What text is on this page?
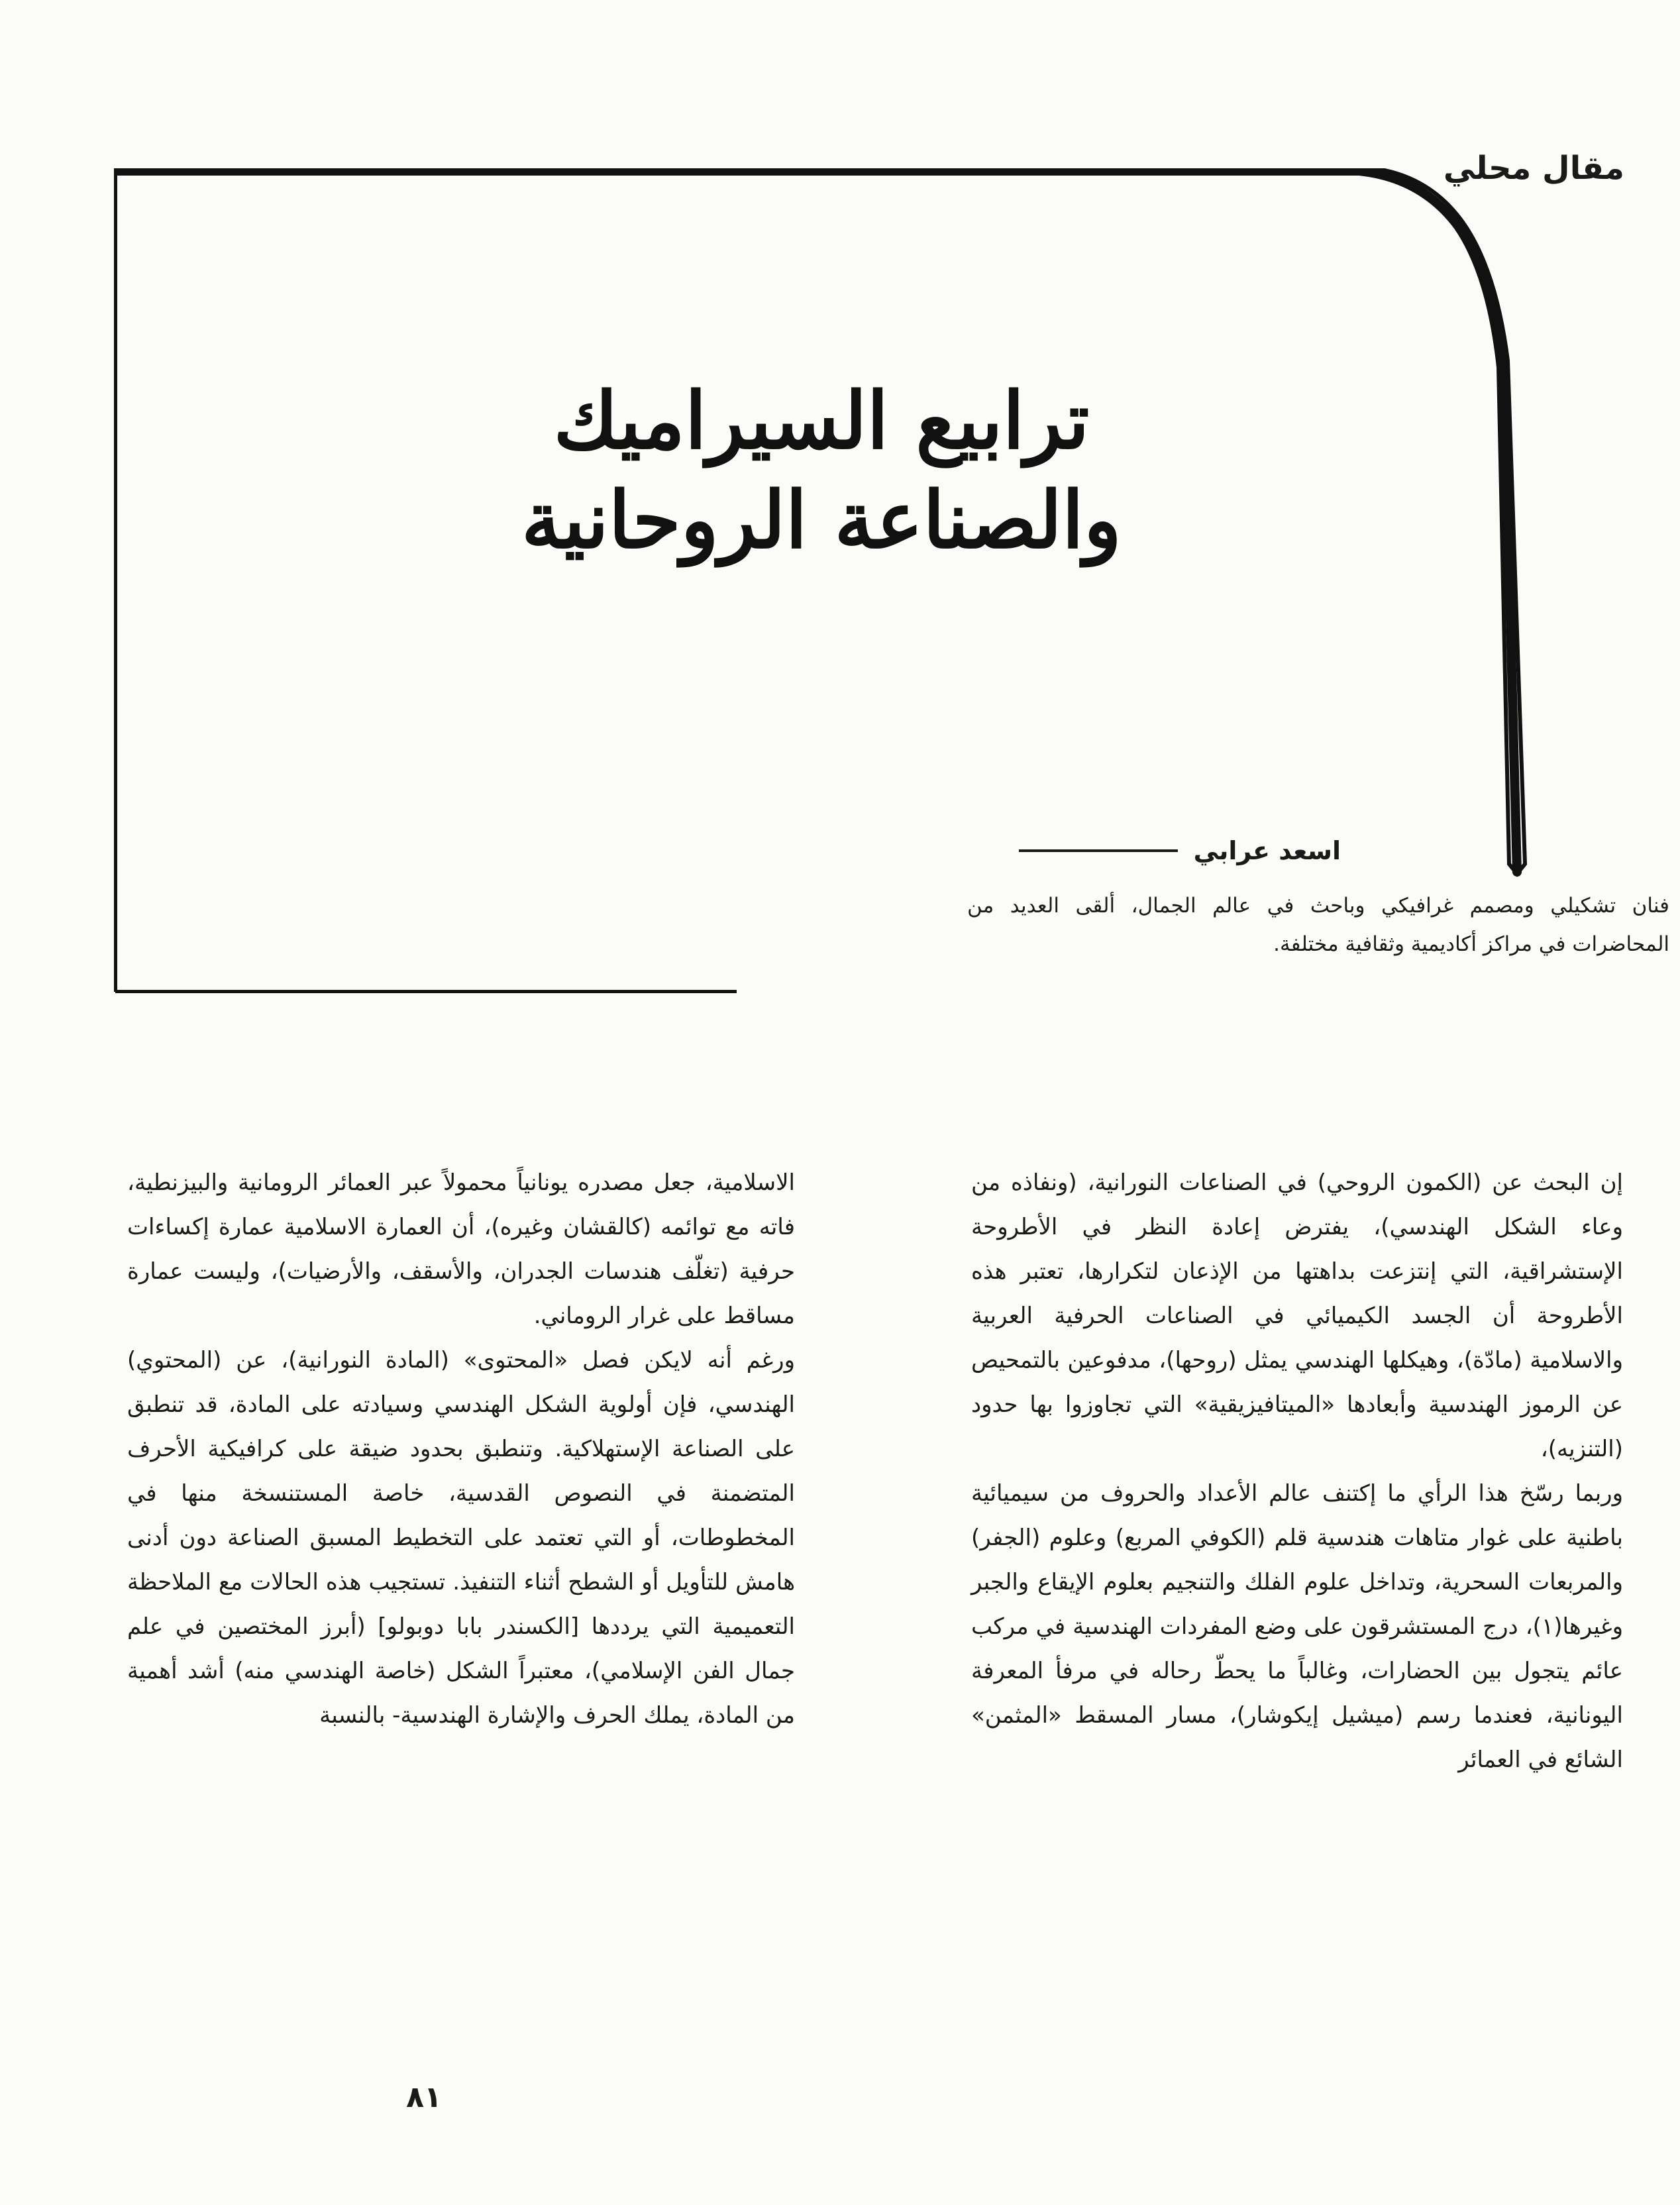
مقال محلي
ترابيع السيراميك
والصناعة الروحانية
اسعد عرابي
فنان تشكيلي ومصمم غرافيكي وباحث في عالم الجمال، ألقى العديد من المحاضرات في مراكز أكاديمية وثقافية مختلفة.

إن البحث عن (الكمون الروحي) في الصناعات النورانية، (ونفاذه من وعاء الشكل الهندسي)، يفترض إعادة النظر في الأطروحة الإستشراقية، التي إنتزعت بداهتها من الإذعان لتكرارها، تعتبر هذه الأطروحة أن الجسد الكيميائي في الصناعات الحرفية العربية والاسلامية (مادّة)، وهيكلها الهندسي يمثل (روحها)، مدفوعين بالتمحيص عن الرموز الهندسية وأبعادها «الميتافيزيقية» التي تجاوزوا بها حدود (التنزيه)،

وربما رسّخ هذا الرأي ما إكتنف عالم الأعداد والحروف من سيميائية باطنية على غوار متاهات هندسية قلم (الكوفي المربع) وعلوم (الجفر) والمربعات السحرية، وتداخل علوم الفلك والتنجيم بعلوم الإيقاع والجبر وغيرها(١)، درج المستشرقون على وضع المفردات الهندسية في مركب عائم يتجول بين الحضارات، وغالباً ما يحطّ رحاله في مرفأ المعرفة اليونانية، فعندما رسم (ميشيل إيكوشار)، مسار المسقط «المثمن» الشائع في العمائر

الاسلامية، جعل مصدره يونانياً محمولاً عبر العمائر الرومانية والبيزنطية، فاته مع توائمه (كالقشان وغيره)، أن العمارة الاسلامية عمارة إكساءات حرفية (تغلّف هندسات الجدران، والأسقف، والأرضيات)، وليست عمارة مساقط على غرار الروماني.

ورغم أنه لايكن فصل «المحتوى» (المادة النورانية)، عن (المحتوي) الهندسي، فإن أولوية الشكل الهندسي وسيادته على المادة، قد تنطبق على الصناعة الإستهلاكية. وتنطبق بحدود ضيقة على كرافيكية الأحرف المتضمنة في النصوص القدسية، خاصة المستنسخة منها في المخطوطات، أو التي تعتمد على التخطيط المسبق الصناعة دون أدنى هامش للتأويل أو الشطح أثناء التنفيذ. تستجيب هذه الحالات مع الملاحظة التعميمية التي يرددها [الكسندر بابا دوبولو] (أبرز المختصين في علم جمال الفن الإسلامي)، معتبراً الشكل (خاصة الهندسي منه) أشد أهمية من المادة، يملك الحرف والإشارة الهندسية- بالنسبة

٨١
